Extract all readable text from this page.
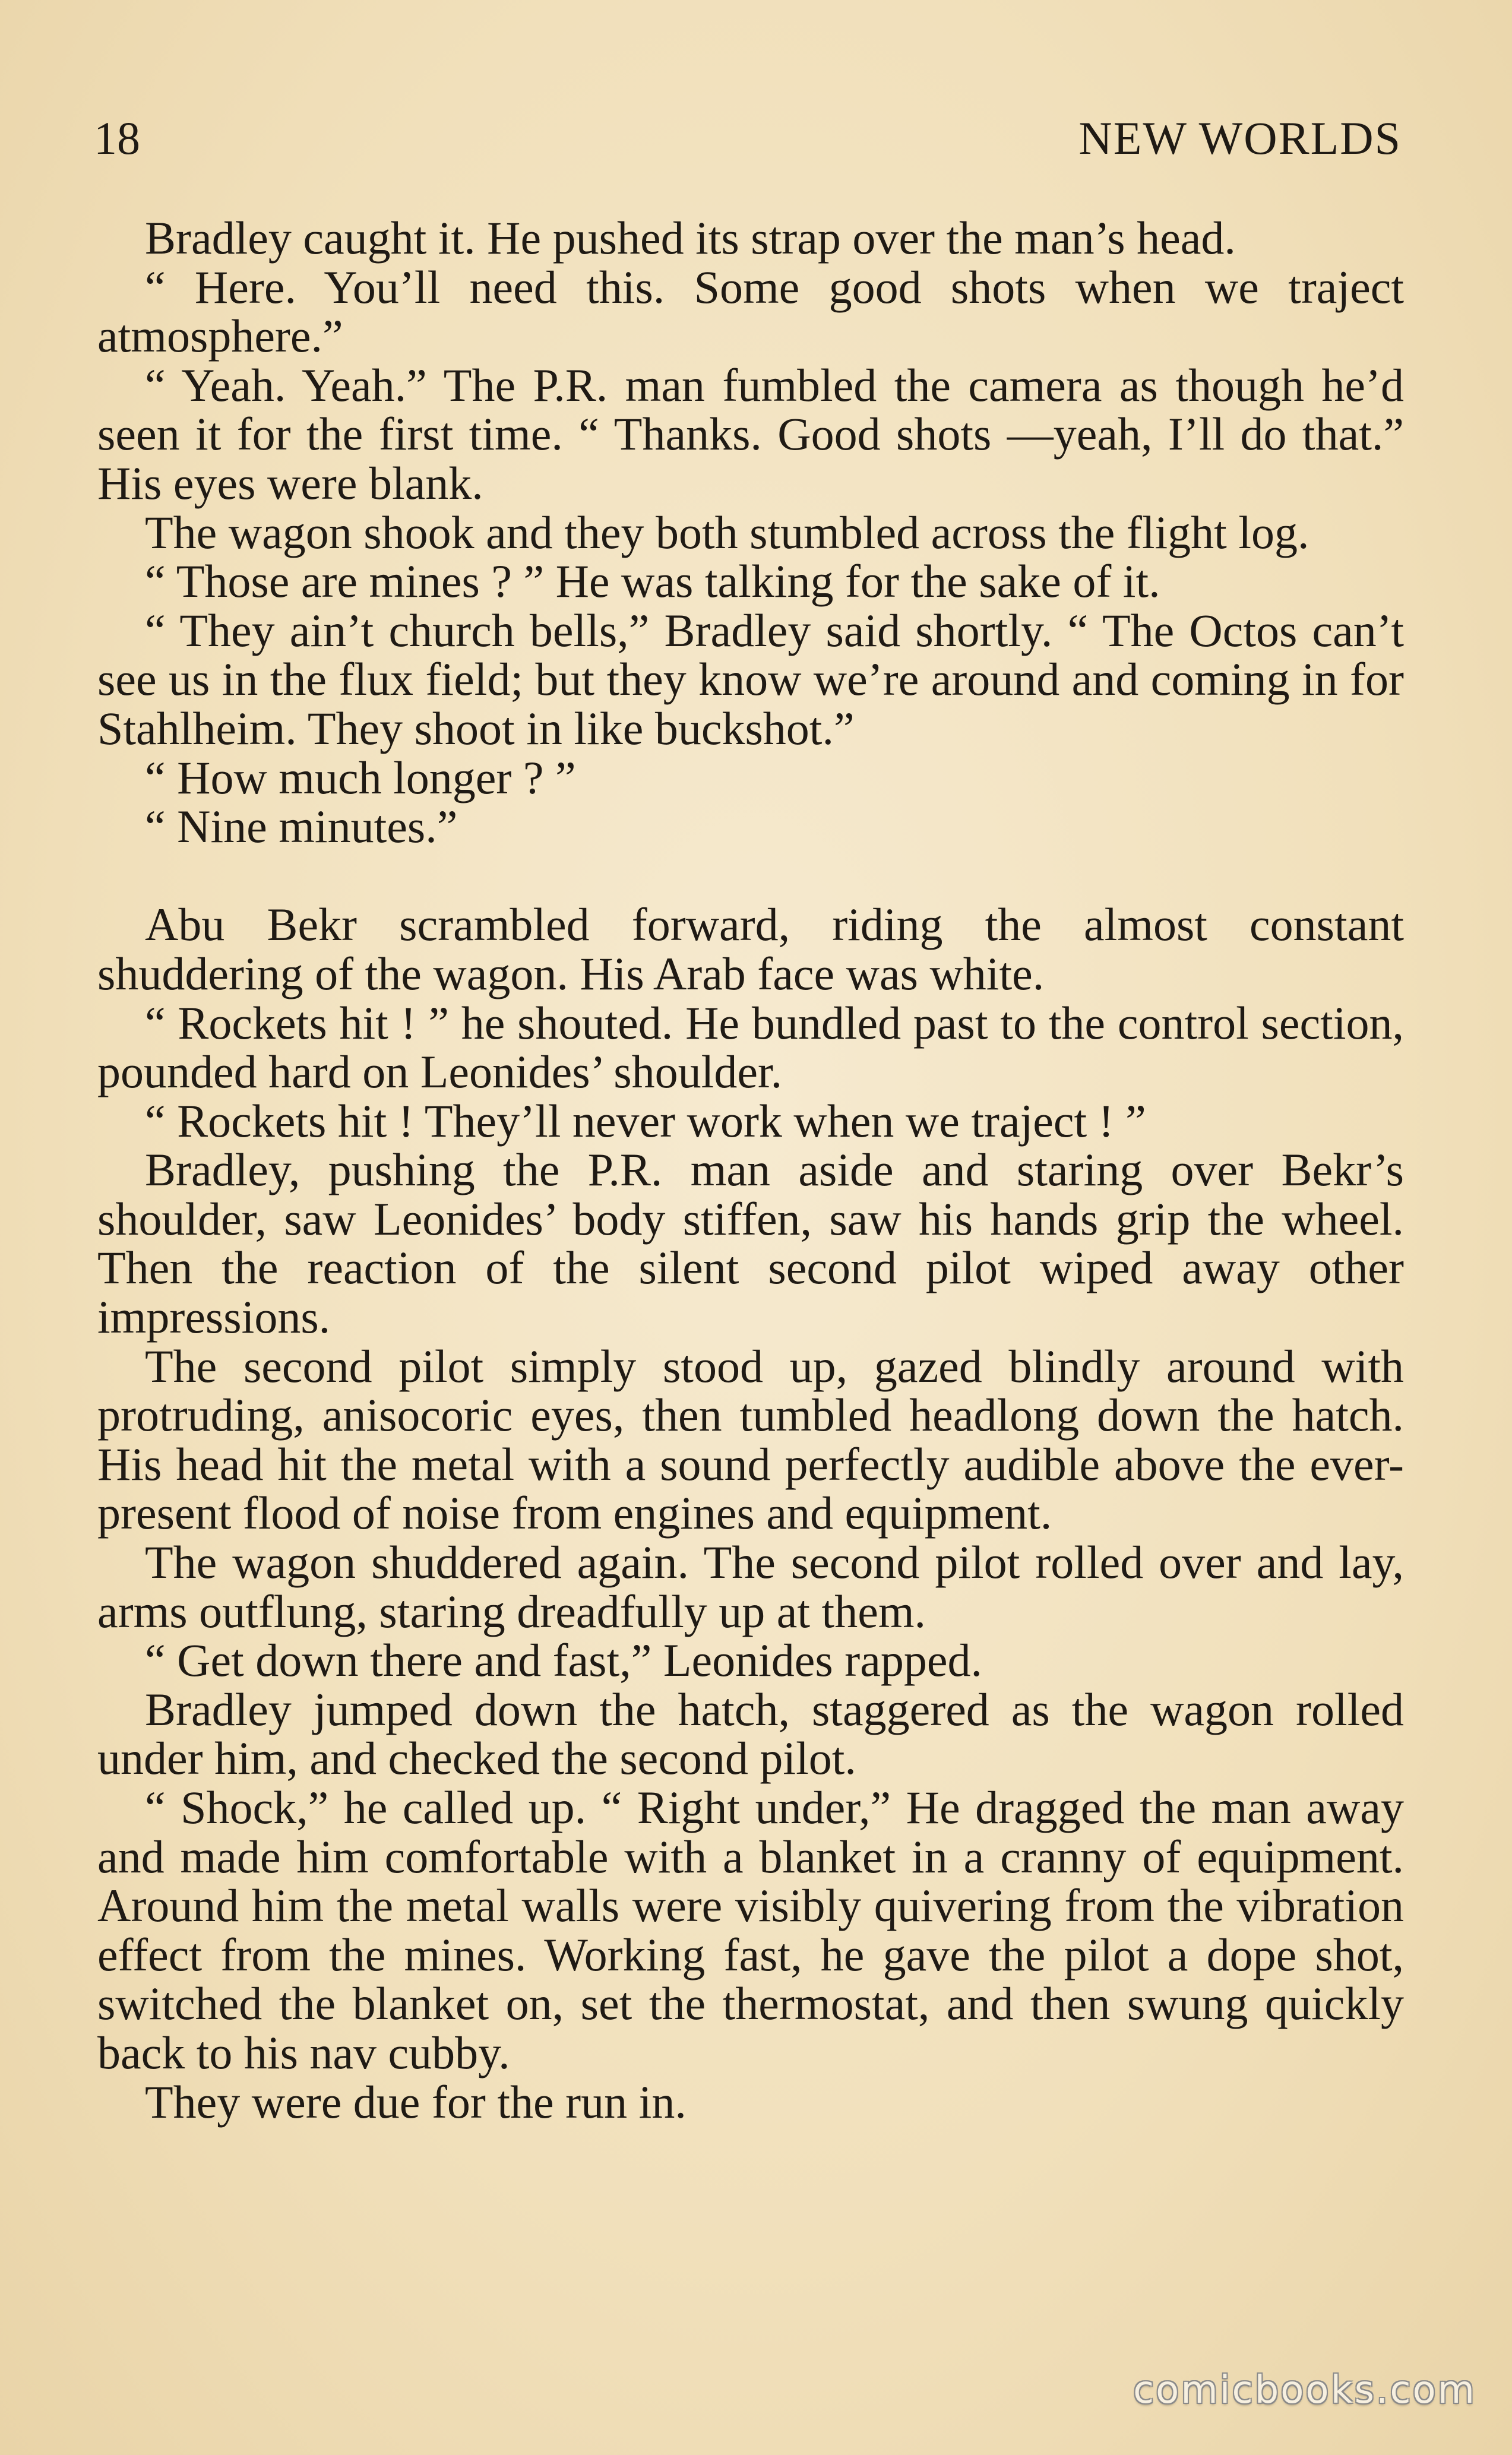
18	NEW WORLDS

Bradley caught it. He pushed its strap over the man’s head.

“ Here. You’ll need this. Some good shots when we traject atmosphere.”

“ Yeah. Yeah.” The P.R. man fumbled the camera as though he’d seen it for the first time. “ Thanks. Good shots —yeah, I’ll do that.” His eyes were blank.

The wagon shook and they both stumbled across the flight log.

“ Those are mines ? ” He was talking for the sake of it.

“ They ain’t church bells,” Bradley said shortly. “ The Octos can’t see us in the flux field; but they know we’re around and coming in for Stahlheim. They shoot in like buckshot.”

“ How much longer ? ”

“ Nine minutes.”

Abu Bekr scrambled forward, riding the almost constant shuddering of the wagon. His Arab face was white.

“ Rockets hit ! ” he shouted. He bundled past to the control section, pounded hard on Leonides’ shoulder.

“ Rockets hit ! They’ll never work when we traject ! ”

Bradley, pushing the P.R. man aside and staring over Bekr’s shoulder, saw Leonides’ body stiffen, saw his hands grip the wheel. Then the reaction of the silent second pilot wiped away other impressions.

The second pilot simply stood up, gazed blindly around with protruding, anisocoric eyes, then tumbled headlong down the hatch. His head hit the metal with a sound perfectly audible above the ever-present flood of noise from engines and equipment.

The wagon shuddered again. The second pilot rolled over and lay, arms outflung, staring dreadfully up at them.

“ Get down there and fast,” Leonides rapped.

Bradley jumped down the hatch, staggered as the wagon rolled under him, and checked the second pilot.

“ Shock,” he called up. “ Right under,” He dragged the man away and made him comfortable with a blanket in a cranny of equipment. Around him the metal walls were visibly quivering from the vibration effect from the mines. Working fast, he gave the pilot a dope shot, switched the blanket on, set the thermostat, and then swung quickly back to his nav cubby.

They were due for the run in.

comicbooks.com
